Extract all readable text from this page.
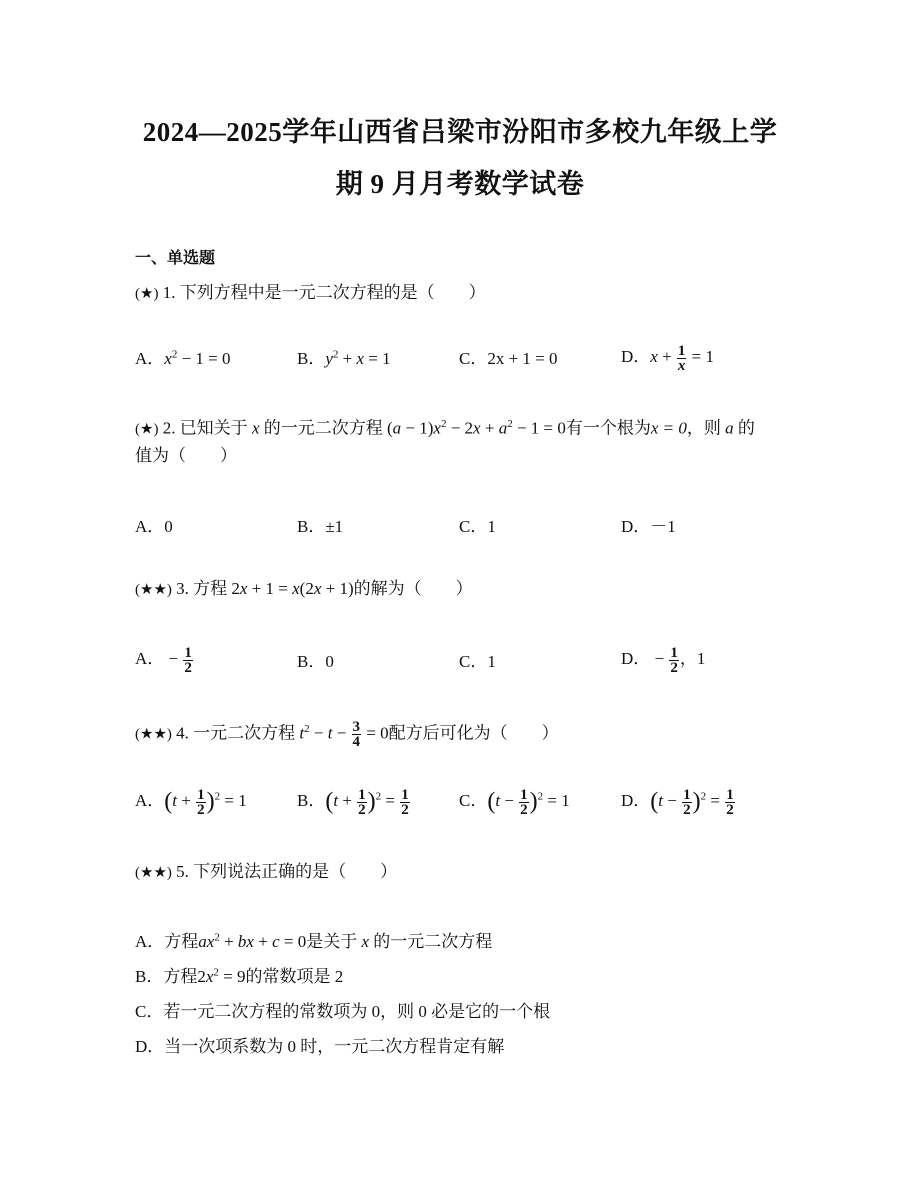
2024—2025学年山西省吕梁市汾阳市多校九年级上学
期 9 月月考数学试卷
一、单选题
(★) 1. 下列方程中是一元二次方程的是（　　）
A．$x^2 - 1 = 0$	B．$y^2 + x = 1$	C．2x + 1 = 0	D．$x + \frac{1}{x} = 1$
(★) 2. 已知关于 x 的一元二次方程 $(a - 1)x^2 - 2x + a^2 - 1 = 0$有一个根为x = 0，则 a 的
值为（　　）
A．0	B．±1	C．1	D．－1
(★★) 3. 方程 2x + 1 = x(2x + 1)的解为（　　）
A． − $\frac{1}{2}$	B．0	C．1	D． − $\frac{1}{2}$ ，1
(★★) 4. 一元二次方程 $t^2 - t - \frac{3}{4} = 0$配方后可化为（　　）
A．$(t + \frac{1}{2} )^2 = 1$	B．$(t + \frac{1}{2} )^2 = \frac{1}{2}$	C．$(t - \frac{1}{2} )^2 = 1$	D．$(t - \frac{1}{2} )^2 = \frac{1}{2}$
(★★) 5. 下列说法正确的是（　　）
A．方程$ax^2$ + bx + c = 0是关于 x 的一元二次方程
B．方程$2x^2 = 9$的常数项是 2
C．若一元二次方程的常数项为 0，则 0 必是它的一个根
D．当一次项系数为 0 时，一元二次方程肯定有解
